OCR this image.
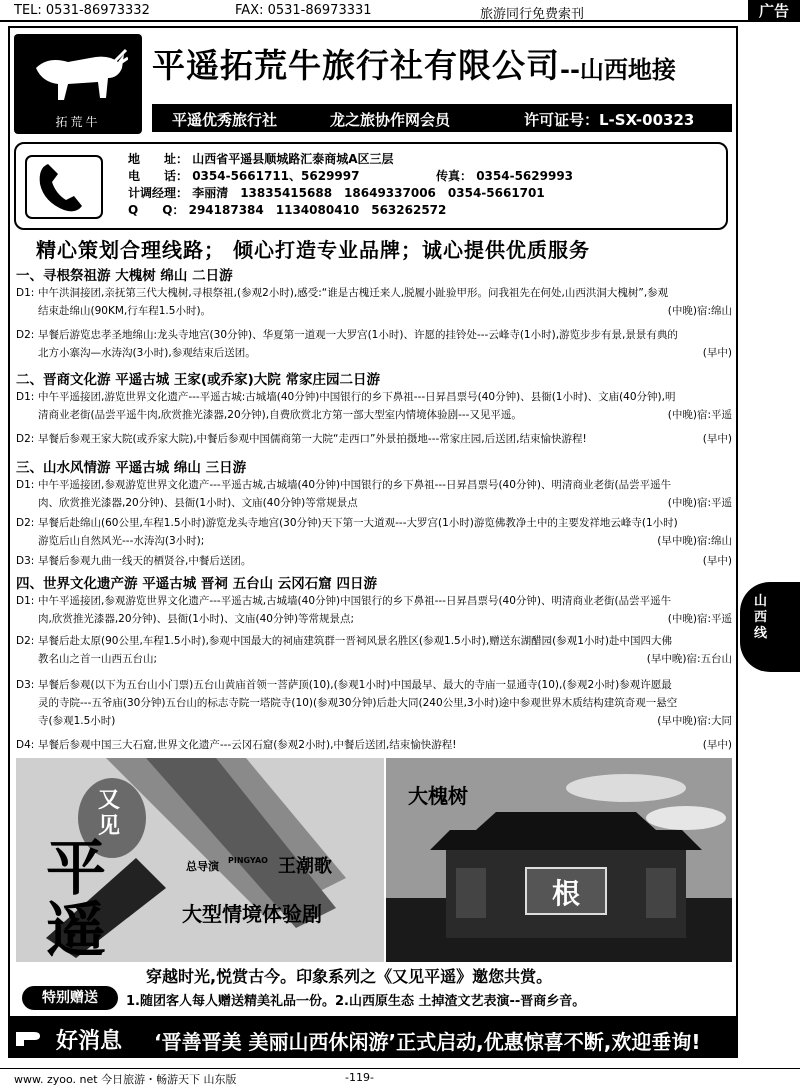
TEL: 0531-86973332	FAX: 0531-86973331	旅游同行免费索刊	广告
拓荒牛
平遥拓荒牛旅行社有限公司 --山西地接
平遥优秀旅行社	龙之旅协作网会员	许可证号：L-SX-00323
地　　址： 山西省平遥县顺城路汇泰商城A区三层
电　　话： 0354-5661711、5629997	传真： 0354-5629993
计调经理： 李丽清　13835415688　18649337006　0354-5661701
Q　　Q： 294187384　1134080410　563262572
精心策划合理线路； 倾心打造专业品牌；诚心提供优质服务
一、寻根祭祖游 大槐树 绵山 二日游
D1: 中午洪洞接团,亲抚第三代大槐树,寻根祭祖,(参观2小时),感受:“谁是古槐迁来人,脱履小趾验甲形。问我祖先在何处,山西洪洞大槐树”,参观结束赴绵山(90KM,行车程1.5小时)。	(中晚)宿:绵山
D2: 早餐后游览忠孝圣地绵山:龙头寺地宫(30分钟)、华夏第一道观一大罗宫(1小时)、许愿的挂铃处---云峰寺(1小时),游览步步有景,景景有典的北方小寨沟—水涛沟(3小时),参观结束后送团。	(早中)
二、晋商文化游 平遥古城 王家(或乔家)大院 常家庄园二日游
D1: 中午平遥接团,游览世界文化遗产---平遥古城:古城墙(40分钟)中国银行的乡下鼻祖---日昇昌票号(40分钟)、县衙(1小时)、文庙(40分钟),明清商业老街(品尝平遥牛肉,欣赏推光漆器,20分钟),自费欣赏北方第一部大型室内情境体验剧---又见平遥。	(中晚)宿:平遥
D2: 早餐后参观王家大院(或乔家大院),中餐后参观中国儒商第一大院“走西口”外景拍摄地---常家庄园,后送团,结束愉快游程!	(早中)
三、山水风情游 平遥古城 绵山 三日游
D1: 中午平遥接团,参观游览世界文化遗产---平遥古城,古城墙(40分钟)中国银行的乡下鼻祖---日昇昌票号(40分钟)、明清商业老街(品尝平遥牛肉、欣赏推光漆器,20分钟)、县衙(1小时)、文庙(40分钟)等常规景点	(中晚)宿:平遥
D2: 早餐后赴绵山(60公里,车程1.5小时)游览龙头寺地宫(30分钟)天下第一大道观---大罗宫(1小时)游览佛教净土中的主要发祥地云峰寺(1小时)游览后山自然风光---水涛沟(3小时);	(早中晚)宿:绵山
D3: 早餐后参观九曲一线天的栖贤谷,中餐后送团。	(早中)
四、世界文化遗产游 平遥古城 晋祠 五台山 云冈石窟 四日游
D1: 中午平遥接团,参观游览世界文化遗产---平遥古城,古城墙(40分钟)中国银行的乡下鼻祖---日昇昌票号(40分钟)、明清商业老街(品尝平遥牛肉,欣赏推光漆器,20分钟)、县衙(1小时)、文庙(40分钟)等常规景点;	(中晚)宿:平遥
D2: 早餐后赴太原(90公里,车程1.5小时),参观中国最大的祠庙建筑群一晋祠风景名胜区(参观1.5小时),赠送东湖醋园(参观1小时)赴中国四大佛教名山之首一山西五台山;	(早中晚)宿:五台山
D3: 早餐后参观(以下为五台山小门票)五台山黄庙首领一菩萨顶(10),(参观1小时)中国最早、最大的寺庙一显通寺(10),(参观2小时)参观许愿最灵的寺院---五爷庙(30分钟)五台山的标志寺院一塔院寺(10)(参观30分钟)后赴大同(240公里,3小时)途中参观世界木质结构建筑奇观一悬空寺(参观1.5小时)	(早中晚)宿:大同
D4: 早餐后参观中国三大石窟,世界文化遗产---云冈石窟(参观2小时),中餐后送团,结束愉快游程!	(早中)
山西线
又见
平遥
总导演 PINGYAO 王潮歌
大型情境体验剧
大槐树
根
穿越时光,悦赏古今。印象系列之《又见平遥》邀您共赏。
特别赠送	1.随团客人每人赠送精美礼品一份。2.山西原生态 土掉渣文艺表演--晋商乡音。
好消息 ‘晋善晋美 美丽山西休闲游’正式启动,优惠惊喜不断,欢迎垂询!
www. zyoo. net 今日旅游・畅游天下 山东版	-119-
